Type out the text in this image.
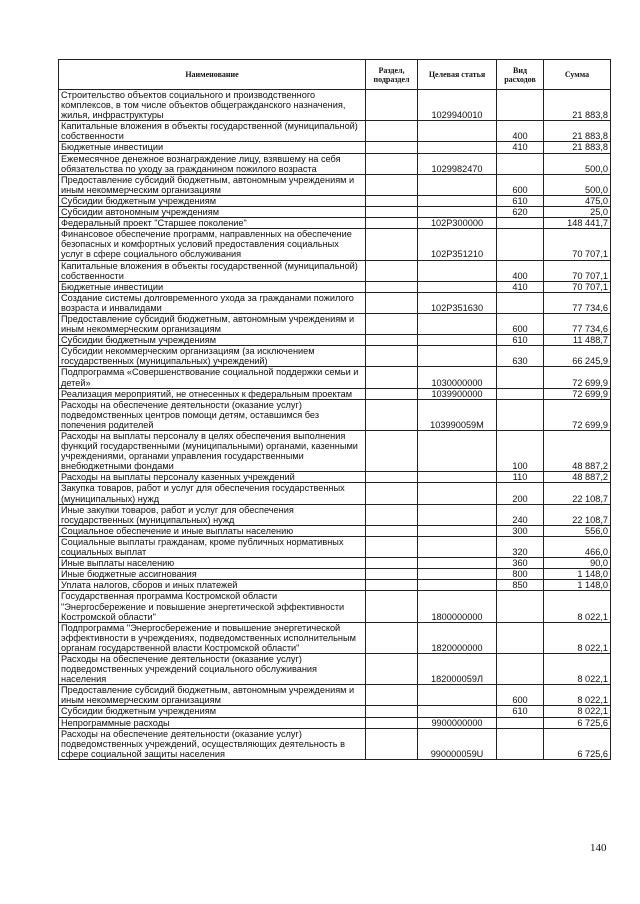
Наименование	Раздел, подраздел	Целевая статья	Вид расходов	Сумма
Строительство объектов социального и производственного комплексов, в том числе объектов общегражданского назначения, жилья, инфраструктуры		1029940010		21 883,8
Капитальные вложения в объекты государственной (муниципальной) собственности			400	21 883,8
Бюджетные инвестиции			410	21 883,8
Ежемесячное денежное вознаграждение лицу, взявшему на себя обязательства по уходу за гражданином пожилого возраста		1029982470		500,0
Предоставление субсидий бюджетным, автономным учреждениям и иным некоммерческим организациям			600	500,0
Субсидии бюджетным учреждениям			610	475,0
Субсидии автономным учреждениям			620	25,0
Федеральный проект "Старшее поколение"		102P300000		148 441,7
Финансовое обеспечение программ, направленных на обеспечение безопасных и комфортных условий предоставления социальных услуг в сфере социального обслуживания		102P351210		70 707,1
Капитальные вложения в объекты государственной (муниципальной) собственности			400	70 707,1
Бюджетные инвестиции			410	70 707,1
Создание системы долговременного ухода за гражданами пожилого возраста и инвалидами		102P351630		77 734,6
Предоставление субсидий бюджетным, автономным учреждениям и иным некоммерческим организациям			600	77 734,6
Субсидии бюджетным учреждениям			610	11 488,7
Субсидии некоммерческим организациям (за исключением государственных (муниципальных) учреждений)			630	66 245,9
Подпрограмма «Совершенствование социальной поддержки семьи и детей»		1030000000		72 699,9
Реализация мероприятий, не отнесенных к федеральным проектам		1039900000		72 699,9
Расходы на обеспечение деятельности (оказание услуг) подведомственных центров помощи детям, оставшимся без попечения родителей		103990059М		72 699,9
Расходы на выплаты персоналу в целях обеспечения выполнения функций государственными (муниципальными) органами, казенными учреждениями, органами управления государственными внебюджетными фондами			100	48 887,2
Расходы на выплаты персоналу казенных учреждений			110	48 887,2
Закупка товаров, работ и услуг для обеспечения государственных (муниципальных) нужд			200	22 108,7
Иные закупки товаров, работ и услуг для обеспечения государственных (муниципальных) нужд			240	22 108,7
Социальное обеспечение и иные выплаты населению			300	556,0
Социальные выплаты гражданам, кроме публичных нормативных социальных выплат			320	466,0
Иные выплаты населению			360	90,0
Иные бюджетные ассигнования			800	1 148,0
Уплата налогов, сборов и иных платежей			850	1 148,0
Государственная программа Костромской области "Энергосбережение и повышение энергетической эффективности Костромской области"		1800000000		8 022,1
Подпрограмма "Энергосбережение и повышение энергетической эффективности в учреждениях, подведомственных исполнительным органам государственной власти Костромской области"		1820000000		8 022,1
Расходы на обеспечение деятельности (оказание услуг) подведомственных учреждений социального обслуживания населения		182000059Л		8 022,1
Предоставление субсидий бюджетным, автономным учреждениям и иным некоммерческим организациям			600	8 022,1
Субсидии бюджетным учреждениям			610	8 022,1
Непрограммные расходы		9900000000		6 725,6
Расходы на обеспечение деятельности (оказание услуг) подведомственных учреждений, осуществляющих деятельность в сфере социальной защиты населения		990000059U		6 725,6
140
